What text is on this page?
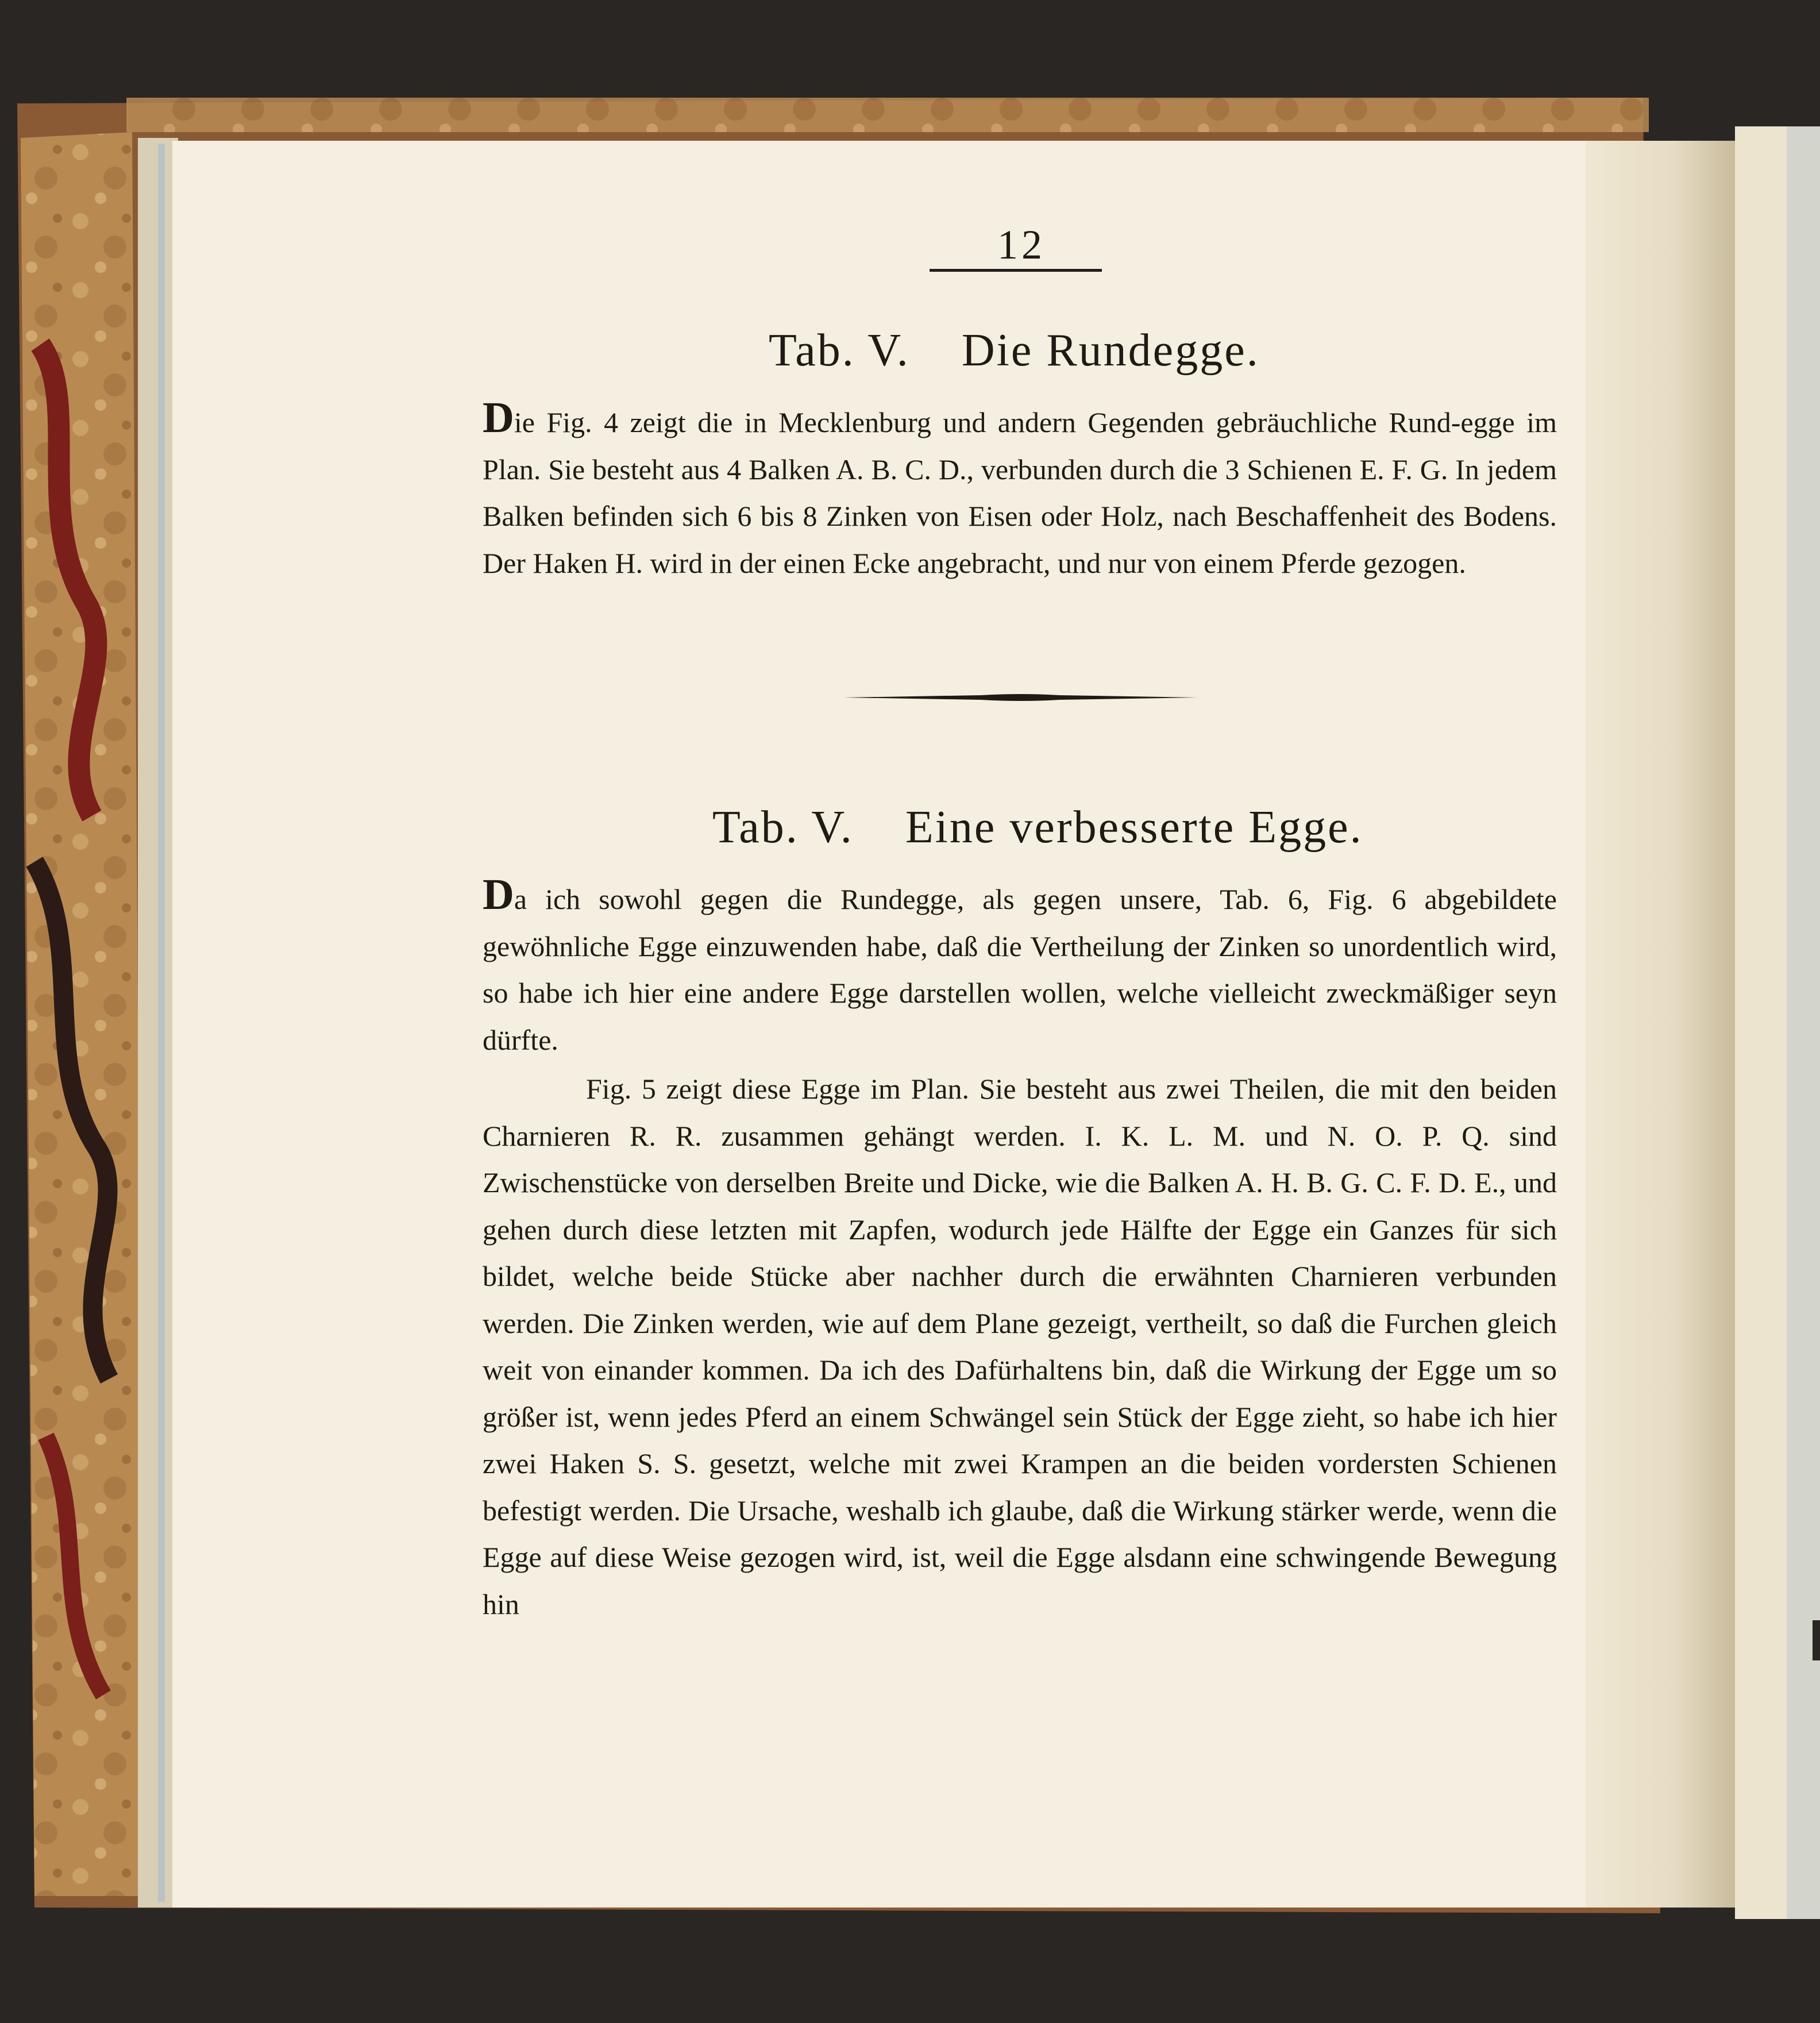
12
Tab. V. Die Rundegge.
Die Fig. 4 zeigt die in Mecklenburg und andern Gegenden gebräuchliche Rund-egge im Plan. Sie besteht aus 4 Balken A. B. C. D., verbunden durch die 3 Schienen E. F. G. In jedem Balken befinden sich 6 bis 8 Zinken von Eisen oder Holz, nach Beschaffenheit des Bodens. Der Haken H. wird in der einen Ecke angebracht, und nur von einem Pferde gezogen.
Tab. V. Eine verbesserte Egge.
Da ich sowohl gegen die Rundegge, als gegen unsere, Tab. 6, Fig. 6 abgebildete gewöhnliche Egge einzuwenden habe, daß die Vertheilung der Zinken so unordentlich wird, so habe ich hier eine andere Egge darstellen wollen, welche vielleicht zweckmäßiger seyn dürfte.
Fig. 5 zeigt diese Egge im Plan. Sie besteht aus zwei Theilen, die mit den beiden Charnieren R. R. zusammen gehängt werden. I. K. L. M. und N. O. P. Q. sind Zwischenstücke von derselben Breite und Dicke, wie die Balken A. H. B. G. C. F. D. E., und gehen durch diese letzten mit Zapfen, wodurch jede Hälfte der Egge ein Ganzes für sich bildet, welche beide Stücke aber nachher durch die erwähnten Charnieren verbunden werden. Die Zinken werden, wie auf dem Plane gezeigt, vertheilt, so daß die Furchen gleich weit von einander kommen. Da ich des Dafürhaltens bin, daß die Wirkung der Egge um so größer ist, wenn jedes Pferd an einem Schwängel sein Stück der Egge zieht, so habe ich hier zwei Haken S. S. gesetzt, welche mit zwei Krampen an die beiden vordersten Schienen befestigt werden. Die Ursache, weshalb ich glaube, daß die Wirkung stärker werde, wenn die Egge auf diese Weise gezogen wird, ist, weil die Egge alsdann eine schwingende Bewegung hin
